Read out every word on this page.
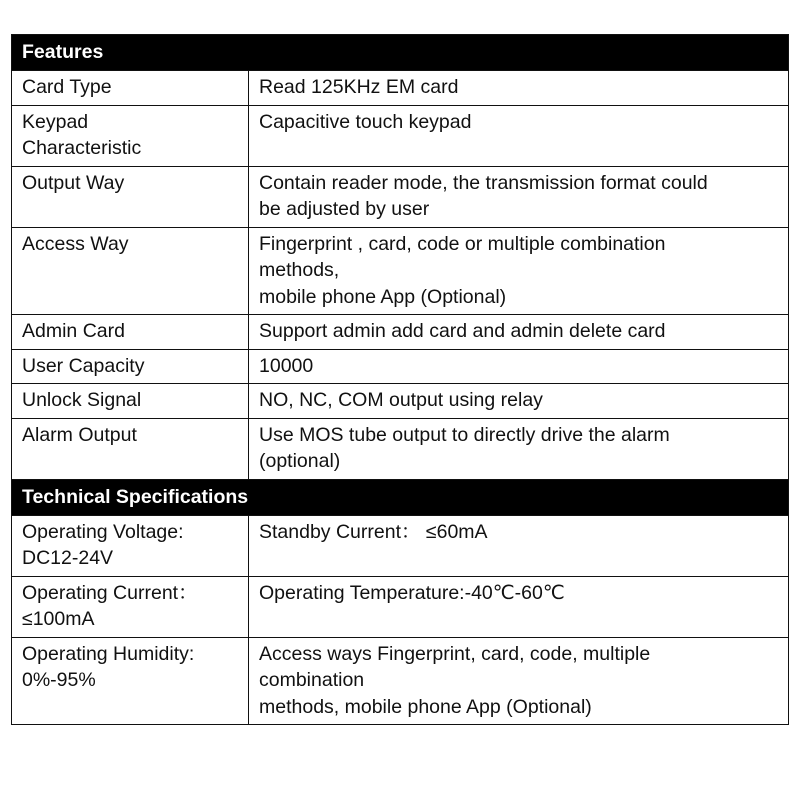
Features	

Card Type	Read 125KHz EM card

Keypad
Characteristic	Capacitive touch keypad

Output Way	Contain reader mode, the transmission format could
be adjusted by user

Access Way	Fingerprint , card, code or multiple combination
methods,
mobile phone App (Optional)

Admin Card	Support admin add card and admin delete card

User Capacity	10000

Unlock Signal	NO, NC, COM output using relay

Alarm Output	Use MOS tube output to directly drive the alarm
(optional)

Technical Specifications	

Operating Voltage:
DC12-24V	Standby Current： ≤60mA

Operating Current：
≤100mA	Operating Temperature:-40℃-60℃

Operating Humidity:
0%-95%	Access ways Fingerprint, card, code, multiple
combination
methods, mobile phone App (Optional)
